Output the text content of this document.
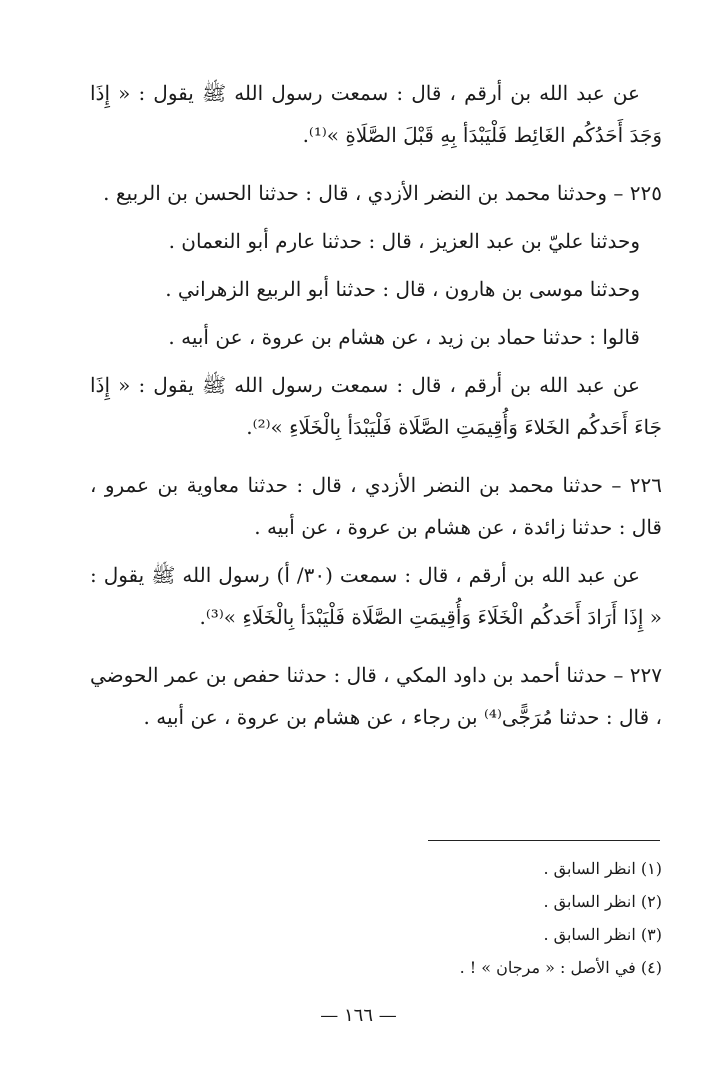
عن عبد الله بن أرقم ، قال : سمعت رسول الله ﷺ يقول : « إِذَا وَجَدَ أَحَدُكُم الغَائِط فَلْيَبْدَأ بِهِ قَبْلَ الصَّلَاةِ »⁽¹⁾.

٢٢٥ – وحدثنا محمد بن النضر الأزدي ، قال : حدثنا الحسن بن الربيع .

وحدثنا عليّ بن عبد العزيز ، قال : حدثنا عارم أبو النعمان .

وحدثنا موسى بن هارون ، قال : حدثنا أبو الربيع الزهراني .

قالوا : حدثنا حماد بن زيد ، عن هشام بن عروة ، عن أبيه .

عن عبد الله بن أرقم ، قال : سمعت رسول الله ﷺ يقول : « إِذَا جَاءَ أَحَدكُم الخَلاءَ وَأُقِيمَتِ الصَّلَاة فَلْيَبْدَأ بِالْخَلَاءِ »⁽²⁾.

٢٢٦ – حدثنا محمد بن النضر الأزدي ، قال : حدثنا معاوية بن عمرو ، قال : حدثنا زائدة ، عن هشام بن عروة ، عن أبيه .

عن عبد الله بن أرقم ، قال : سمعت (٣٠/ أ) رسول الله ﷺ يقول : « إِذَا أَرَادَ أَحَدكُم الْخَلَاءَ وَأُقِيمَتِ الصَّلَاة فَلْيَبْدَأ بِالْخَلَاءِ »⁽³⁾.

٢٢٧ – حدثنا أحمد بن داود المكي ، قال : حدثنا حفص بن عمر الحوضي ، قال : حدثنا مُرَجًّى⁽⁴⁾ بن رجاء ، عن هشام بن عروة ، عن أبيه .

(١) انظر السابق .

(٢) انظر السابق .

(٣) انظر السابق .

(٤) في الأصل : « مرجان » ! .

— ١٦٦ —
